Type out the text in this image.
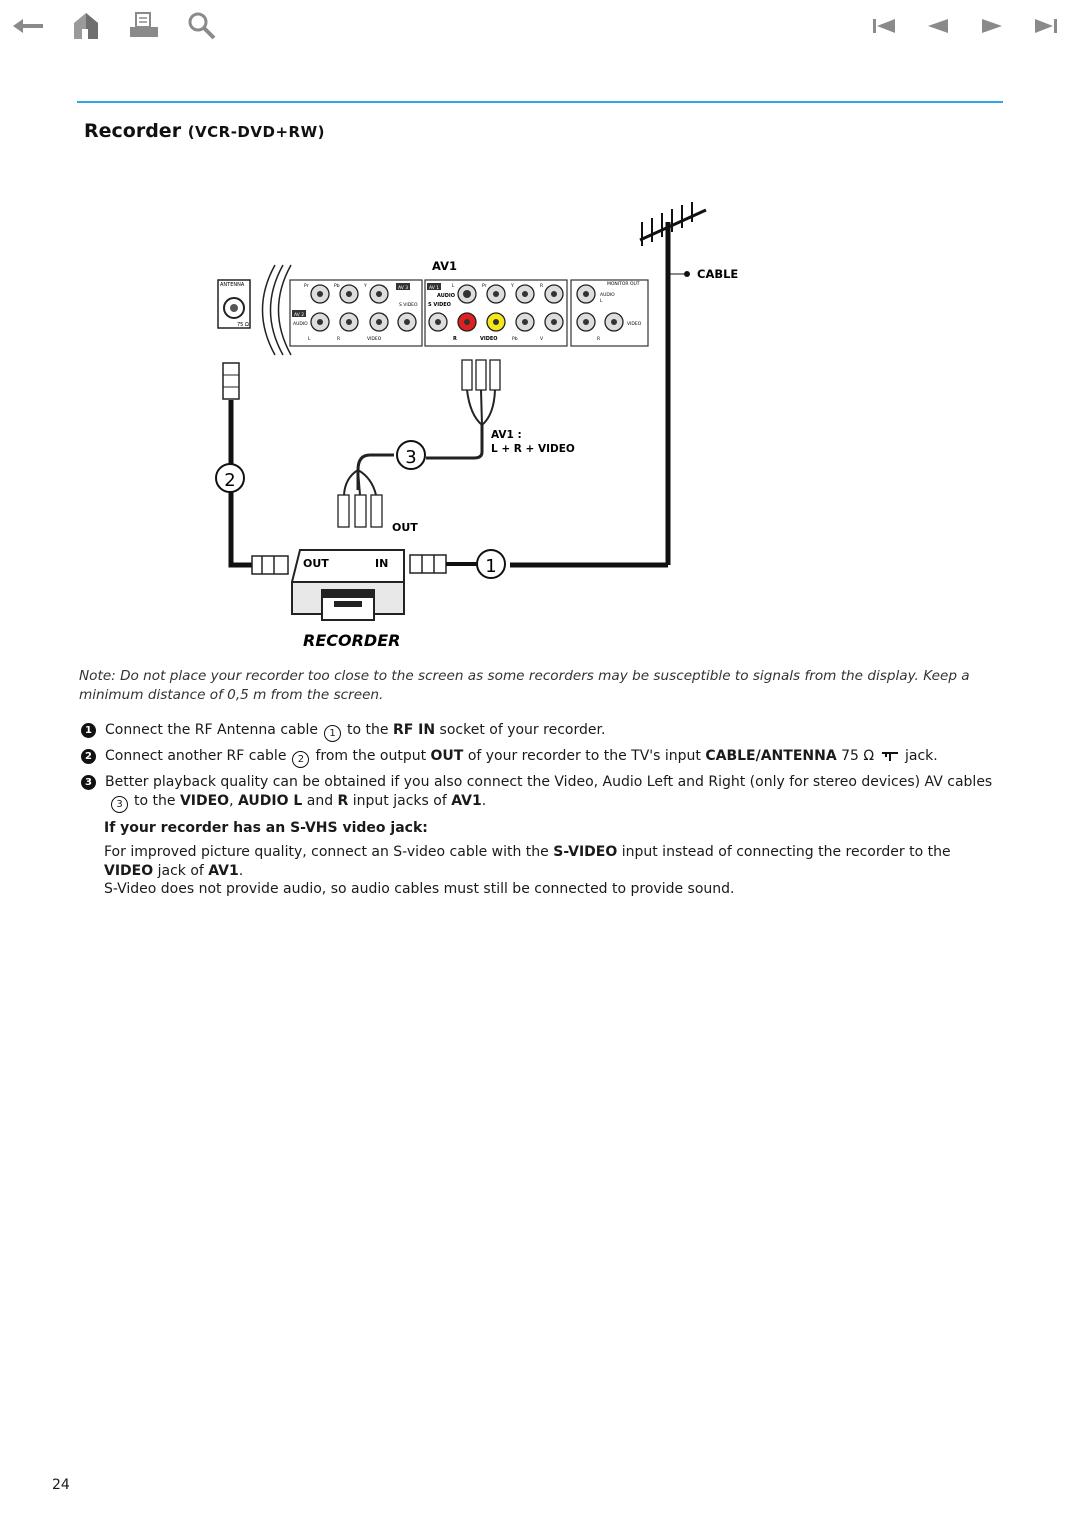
Recorder (VCR-DVD+RW)
CABLE
AV1
ANTENNA
75 Ω
AV 3	AV 1
AV 2
AUDIO
S VIDEO S VIDEO
MONITOR OUT
AUDIO
AUDIO
VIDEO	VIDEO
VIDEO
Pr	Pb	Y	Pr	Y	R
L
L	R	R	Pb	V	R
L
OUT	IN
RECORDER
AV1 :
L + R + VIDEO
OUT
1
2
3
Note: Do not place your recorder too close to the screen as some recorders may be susceptible to signals from the display. Keep a minimum distance of 0,5 m from the screen.
1 Connect the RF Antenna cable 1 to the RF IN socket of your recorder.
2 Connect another RF cable 2 from the output OUT of your recorder to the TV's input CABLE/ANTENNA 75 Ω jack.
3 Better playback quality can be obtained if you also connect the Video, Audio Left and Right (only for stereo devices) AV cables3 to the VIDEO, AUDIO L and R input jacks of AV1.
If your recorder has an S-VHS video jack:
For improved picture quality, connect an S-video cable with the S-VIDEO input instead of connecting the recorder to the VIDEO jack of AV1.
S-Video does not provide audio, so audio cables must still be connected to provide sound.
24
